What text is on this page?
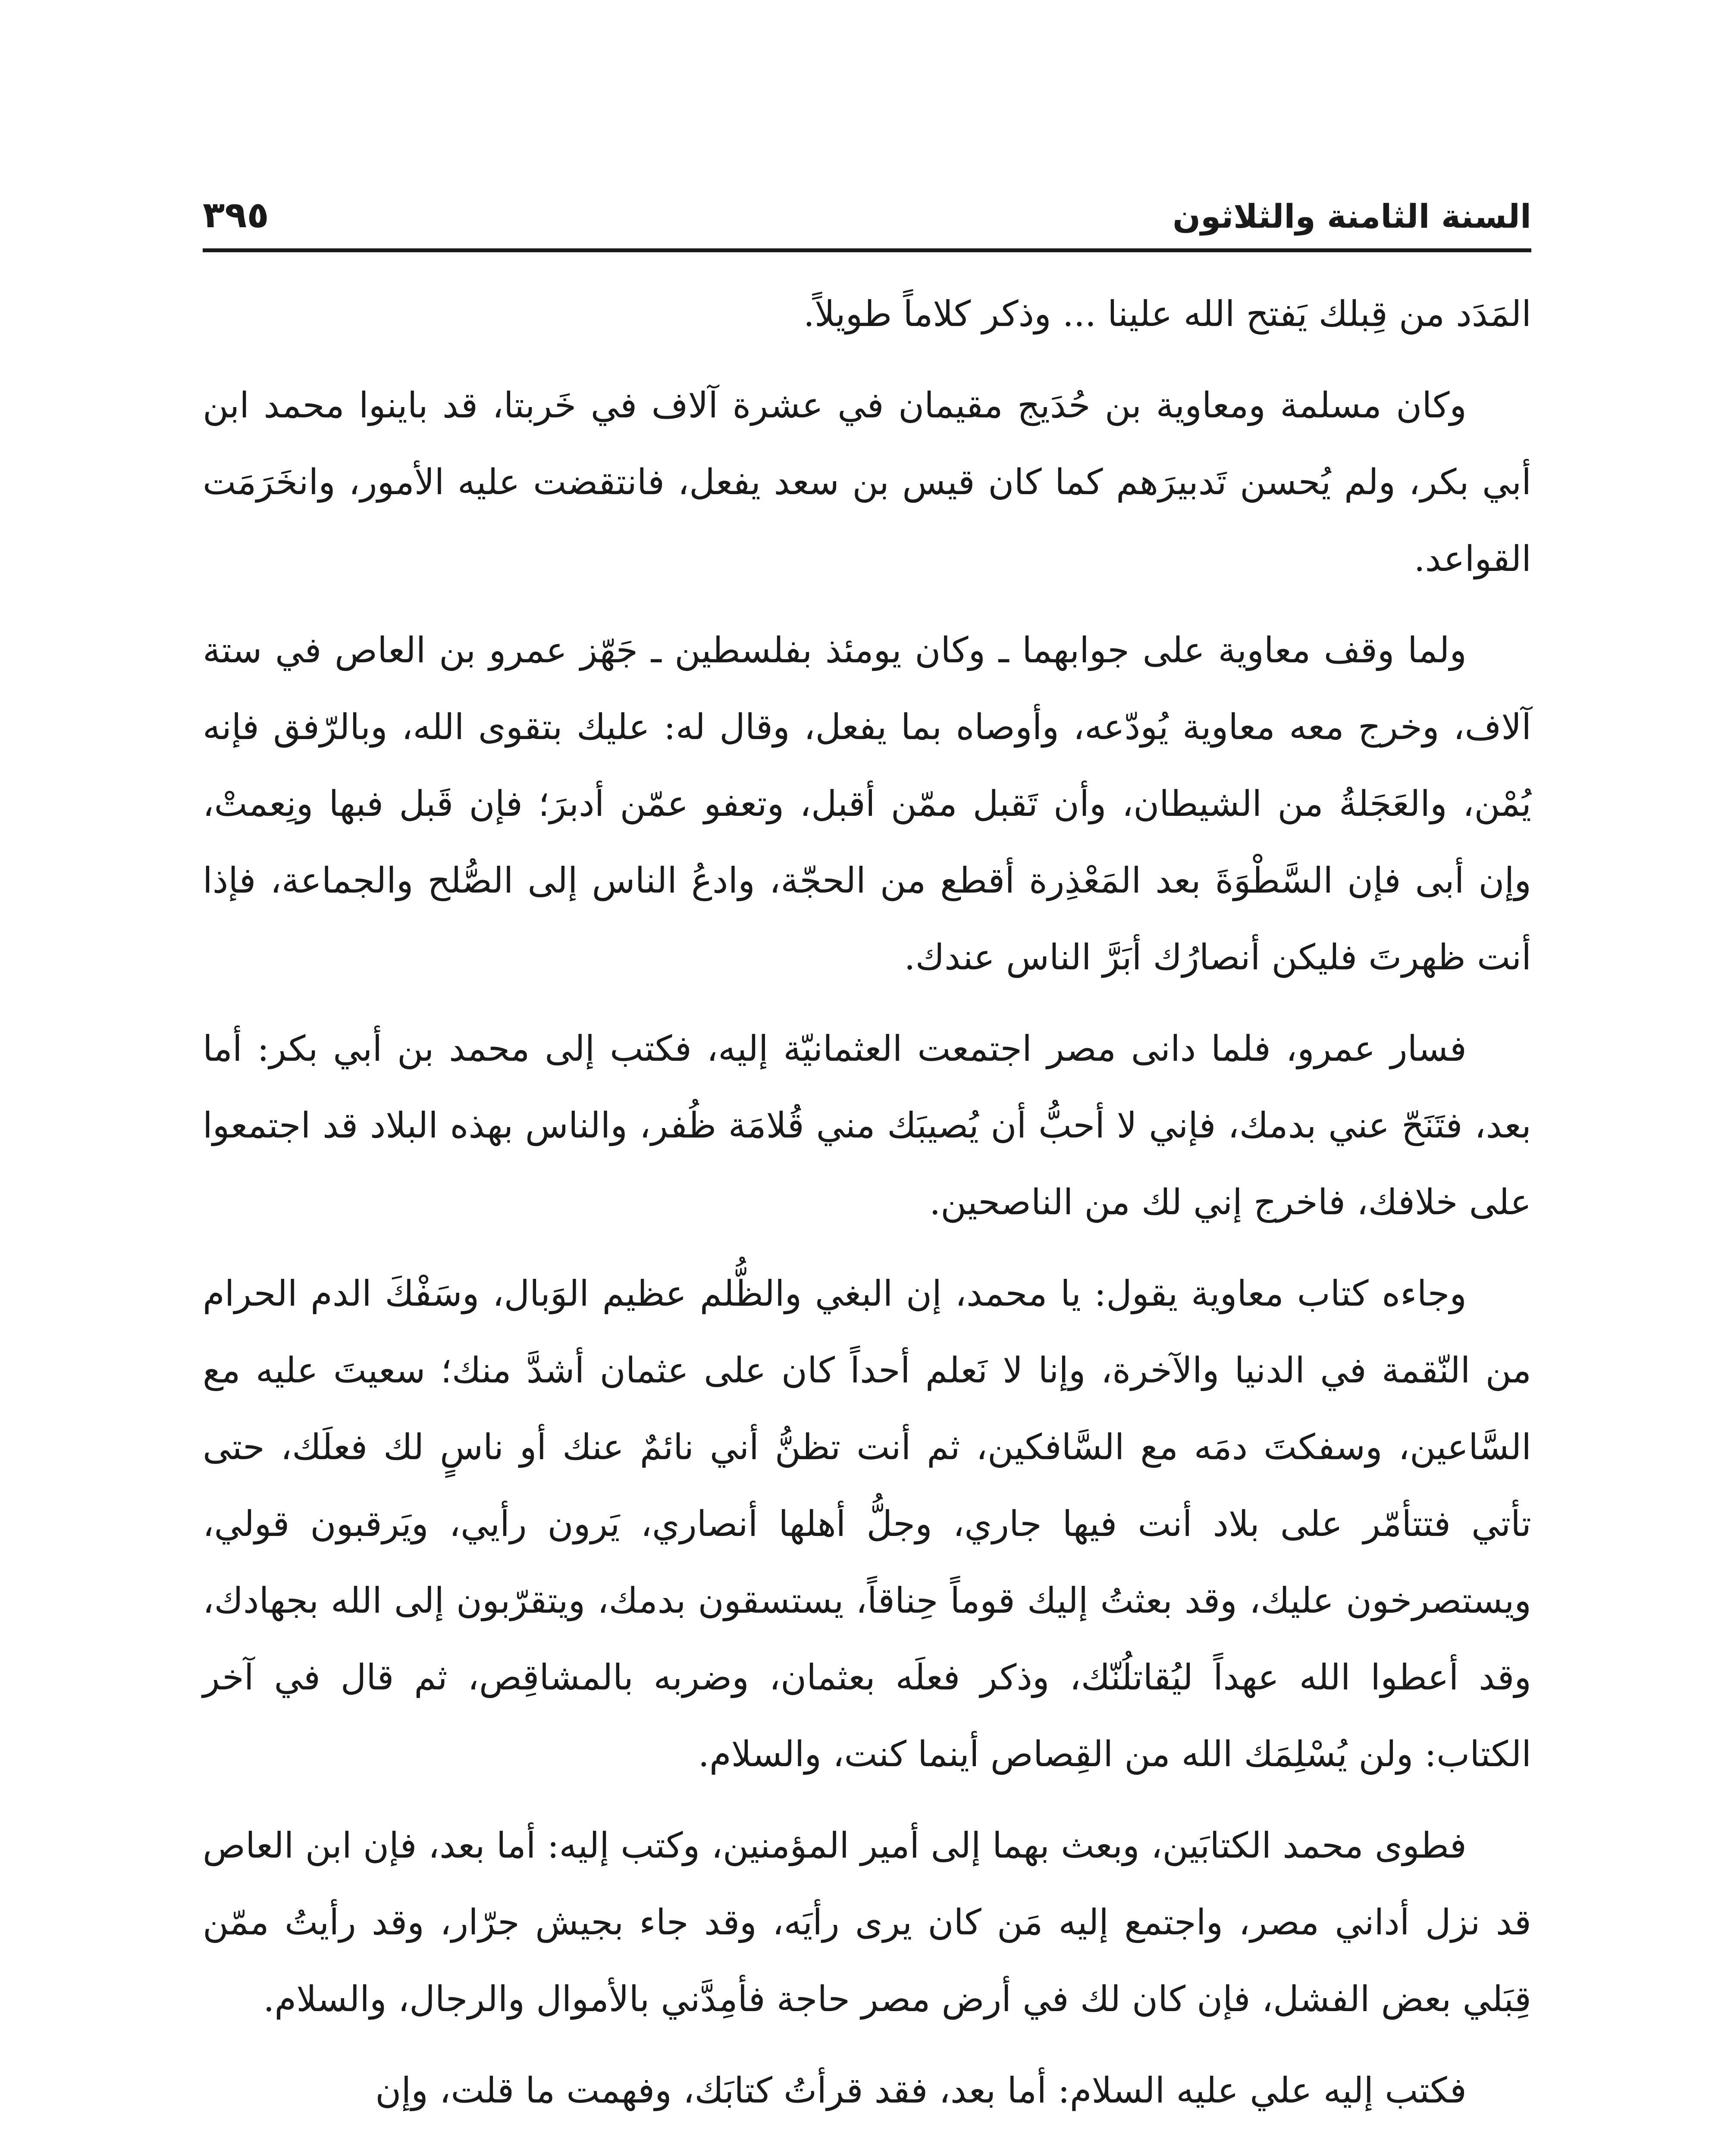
السنة الثامنة والثلاثون
٣٩٥

المَدَد من قِبلك يَفتح الله علينا ... وذكر كلاماً طويلاً.

وكان مسلمة ومعاوية بن حُدَيج مقيمان في عشرة آلاف في خَربتا، قد باينوا محمد ابن أبي بكر، ولم يُحسن تَدبيرَهم كما كان قيس بن سعد يفعل، فانتقضت عليه الأمور، وانخَرَمَت القواعد.

ولما وقف معاوية على جوابهما ـ وكان يومئذ بفلسطين ـ جَهّز عمرو بن العاص في ستة آلاف، وخرج معه معاوية يُودّعه، وأوصاه بما يفعل، وقال له: عليك بتقوى الله، وبالرّفق فإنه يُمْن، والعَجَلةُ من الشيطان، وأن تَقبل ممّن أقبل، وتعفو عمّن أدبرَ؛ فإن قَبل فبها ونِعمتْ، وإن أبى فإن السَّطْوَةَ بعد المَعْذِرة أقطع من الحجّة، وادعُ الناس إلى الصُّلح والجماعة، فإذا أنت ظهرتَ فليكن أنصارُك أبَرَّ الناس عندك.

فسار عمرو، فلما دانى مصر اجتمعت العثمانيّة إليه، فكتب إلى محمد بن أبي بكر: أما بعد، فتَنَحّ عني بدمك، فإني لا أحبُّ أن يُصيبَك مني قُلامَة ظُفر، والناس بهذه البلاد قد اجتمعوا على خلافك، فاخرج إني لك من الناصحين.

وجاءه كتاب معاوية يقول: يا محمد، إن البغي والظُّلم عظيم الوَبال، وسَفْكَ الدم الحرام من النّقمة في الدنيا والآخرة، وإنا لا نَعلم أحداً كان على عثمان أشدَّ منك؛ سعيتَ عليه مع السَّاعين، وسفكتَ دمَه مع السَّافكين، ثم أنت تظنُّ أني نائمٌ عنك أو ناسٍ لك فعلَك، حتى تأتي فتتأمّر على بلاد أنت فيها جاري، وجلُّ أهلها أنصاري، يَرون رأيي، ويَرقبون قولي، ويستصرخون عليك، وقد بعثتُ إليك قوماً حِناقاً، يستسقون بدمك، ويتقرّبون إلى الله بجهادك، وقد أعطوا الله عهداً ليُقاتلُنّك، وذكر فعلَه بعثمان، وضربه بالمشاقِص، ثم قال في آخر الكتاب: ولن يُسْلِمَك الله من القِصاص أينما كنت، والسلام.

فطوى محمد الكتابَين، وبعث بهما إلى أمير المؤمنين، وكتب إليه: أما بعد، فإن ابن العاص قد نزل أداني مصر، واجتمع إليه مَن كان يرى رأيَه، وقد جاء بجيش جرّار، وقد رأيتُ ممّن قِبَلي بعض الفشل، فإن كان لك في أرض مصر حاجة فأمِدَّني بالأموال والرجال، والسلام.

فكتب إليه علي عليه السلام: أما بعد، فقد قرأتُ كتابَك، وفهمت ما قلت، وإن
